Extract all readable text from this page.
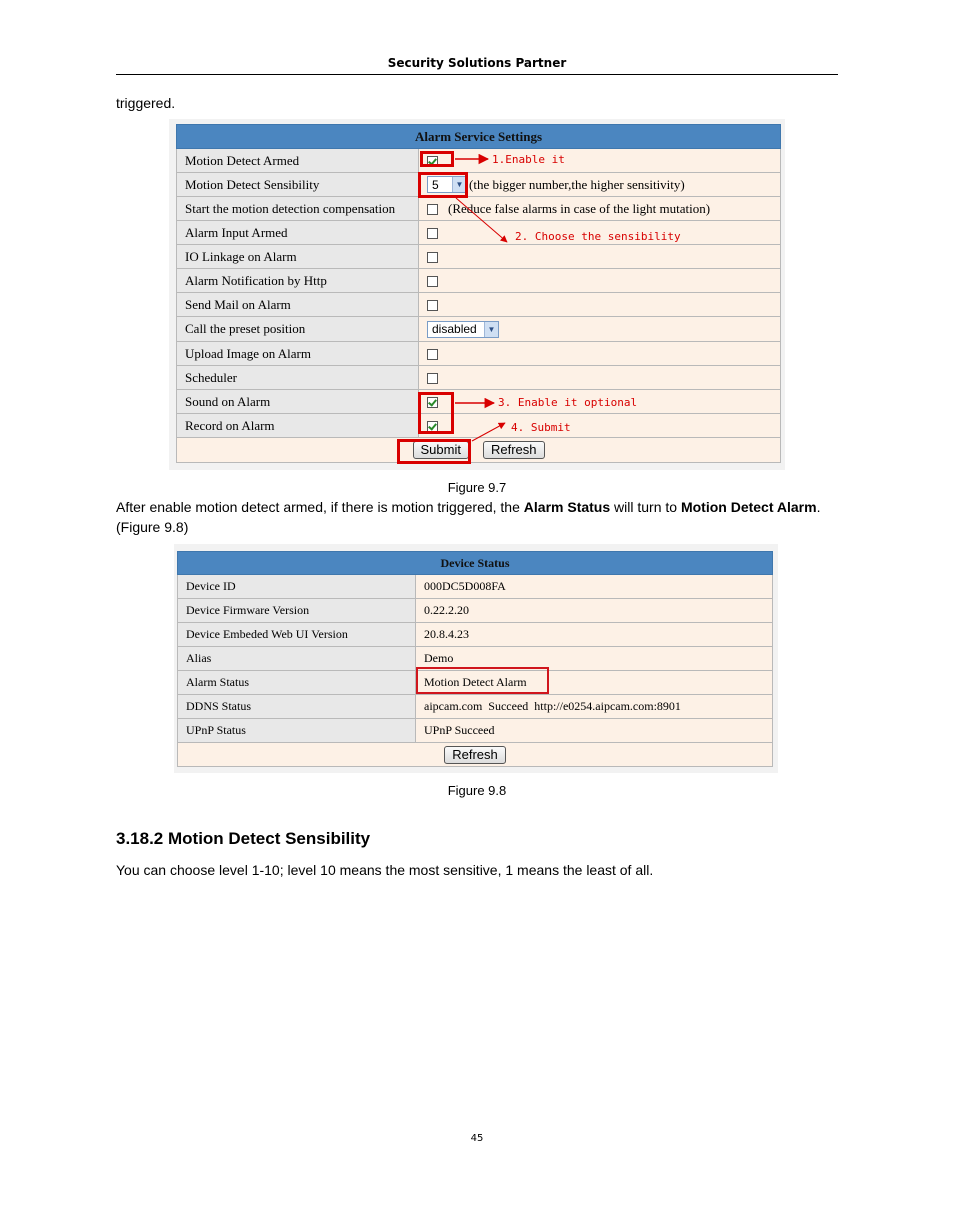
Security Solutions Partner
triggered.
Alarm Service Settings	
Motion Detect Armed	
Motion Detect Sensibility	5 ▼ (the bigger number,the higher sensitivity)
Start the motion detection compensation	(Reduce false alarms in case of the light mutation)
Alarm Input Armed	
IO Linkage on Alarm	
Alarm Notification by Http	
Send Mail on Alarm	
Call the preset position	disabled ▼

Upload Image on Alarm	
Scheduler	
Sound on Alarm	
Record on Alarm	
Submit Refresh	
1.Enable it
2. Choose the sensibility
3. Enable it optional
4. Submit
Figure 9.7
After enable motion detect armed, if there is motion triggered, the Alarm Status will turn to Motion Detect Alarm. (Figure 9.8)
Device Status	
Device ID	000DC5D008FA
Device Firmware Version	0.22.2.20
Device Embeded Web UI Version	20.8.4.23
Alias	Demo
Alarm Status	Motion Detect Alarm
DDNS Status	aipcam.com  Succeed  http://e0254.aipcam.com:8901
UPnP Status	UPnP Succeed
Refresh	
Figure 9.8
3.18.2 Motion Detect Sensibility
You can choose level 1-10; level 10 means the most sensitive, 1 means the least of all.
45
